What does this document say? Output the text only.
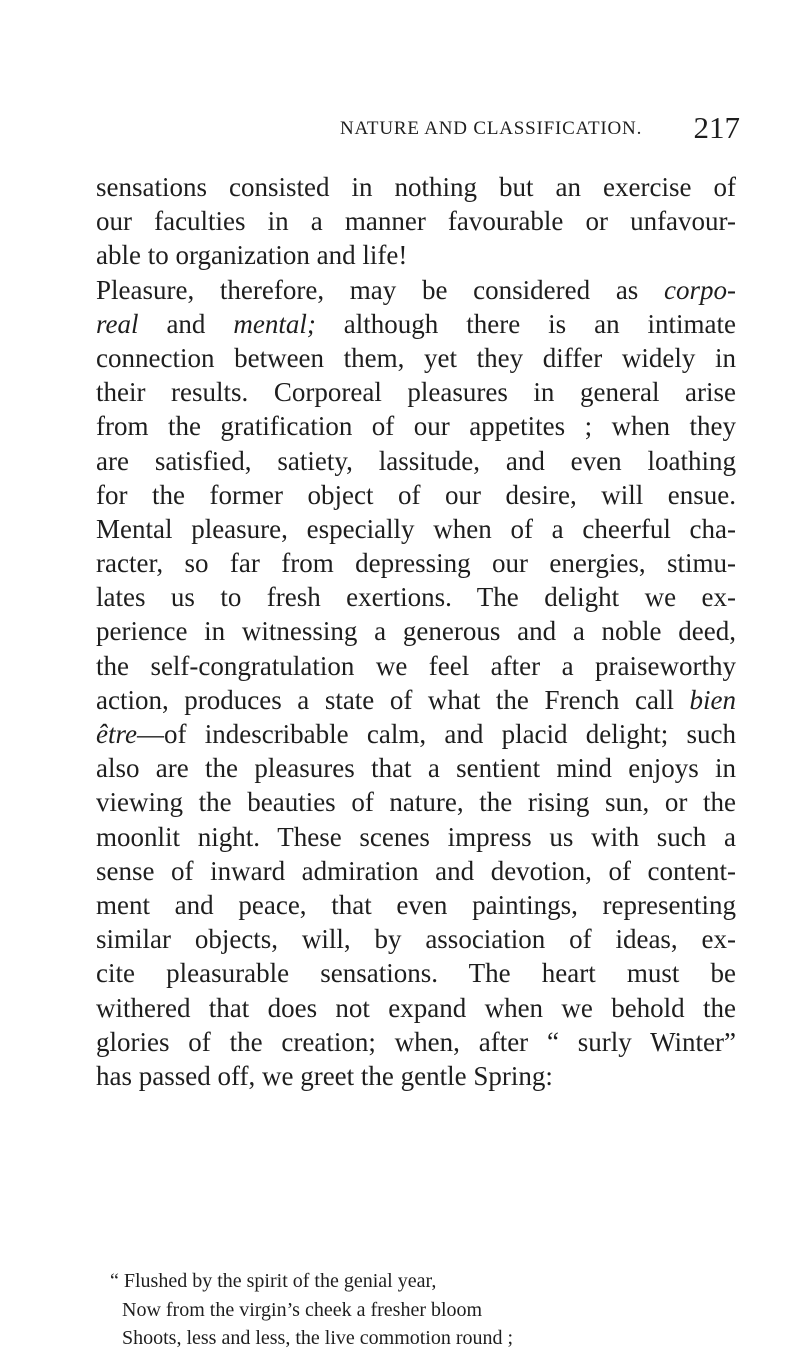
NATURE AND CLASSIFICATION. 217
sensations consisted in nothing but an exercise of
our faculties in a manner favourable or unfavour-
able to organization and life!
Pleasure, therefore, may be considered as corpo-
real and mental; although there is an intimate
connection between them, yet they differ widely in
their results. Corporeal pleasures in general arise
from the gratification of our appetites ; when they
are satisfied, satiety, lassitude, and even loathing
for the former object of our desire, will ensue.
Mental pleasure, especially when of a cheerful cha-
racter, so far from depressing our energies, stimu-
lates us to fresh exertions. The delight we ex-
perience in witnessing a generous and a noble deed,
the self-congratulation we feel after a praiseworthy
action, produces a state of what the French call bien
être—of indescribable calm, and placid delight; such
also are the pleasures that a sentient mind enjoys in
viewing the beauties of nature, the rising sun, or the
moonlit night. These scenes impress us with such a
sense of inward admiration and devotion, of content-
ment and peace, that even paintings, representing
similar objects, will, by association of ideas, ex-
cite pleasurable sensations. The heart must be
withered that does not expand when we behold the
glories of the creation; when, after “ surly Winter”
has passed off, we greet the gentle Spring:
“ Flushed by the spirit of the genial year,
Now from the virgin’s cheek a fresher bloom
Shoots, less and less, the live commotion round ;
